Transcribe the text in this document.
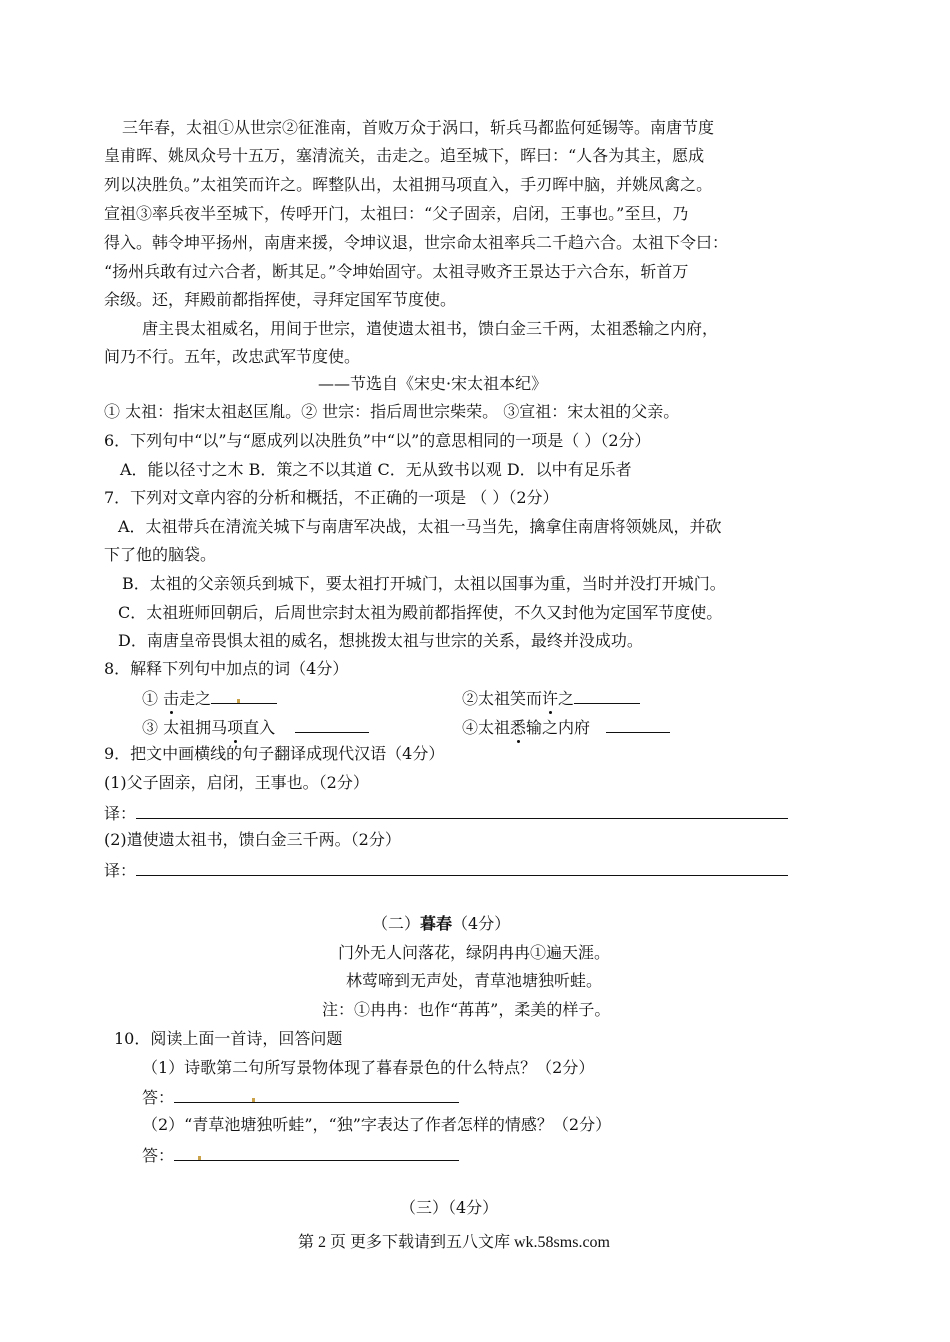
三年春，太祖①从世宗②征淮南，首败万众于涡口，斩兵马都监何延锡等。南唐节度
皇甫晖、姚凤众号十五万，塞清流关，击走之。追至城下，晖曰：“人各为其主，愿成
列以决胜负。”太祖笑而许之。晖整队出，太祖拥马项直入，手刃晖中脑，并姚凤禽之。
宣祖③率兵夜半至城下，传呼开门，太祖曰：“父子固亲，启闭，王事也。”至旦，乃
得入。韩令坤平扬州，南唐来援，令坤议退，世宗命太祖率兵二千趋六合。太祖下令曰：
“扬州兵敢有过六合者，断其足。”令坤始固守。太祖寻败齐王景达于六合东，斩首万
余级。还，拜殿前都指挥使，寻拜定国军节度使。
唐主畏太祖威名，用间于世宗，遣使遗太祖书，馈白金三千两，太祖悉输之内府，
间乃不行。五年，改忠武军节度使。
——节选自《宋史·宋太祖本纪》
① 太祖：指宋太祖赵匡胤。② 世宗：指后周世宗柴荣。 ③宣祖：宋太祖的父亲。
6．下列句中“以”与“愿成列以决胜负”中“以”的意思相同的一项是（ ）（2分）
A．能以径寸之木 B．策之不以其道 C．无从致书以观 D．以中有足乐者
7．下列对文章内容的分析和概括，不正确的一项是 （ ）（2分）
A．太祖带兵在清流关城下与南唐军决战，太祖一马当先，擒拿住南唐将领姚凤，并砍
下了他的脑袋。
B．太祖的父亲领兵到城下，要太祖打开城门，太祖以国事为重，当时并没打开城门。
C．太祖班师回朝后，后周世宗封太祖为殿前都指挥使，不久又封他为定国军节度使。
D．南唐皇帝畏惧太祖的威名，想挑拨太祖与世宗的关系，最终并没成功。
8．解释下列句中加点的词（4分）
① 击走之	②太祖笑而许之
③ 太祖拥马项直入	④太祖悉输之内府
9．把文中画横线的句子翻译成现代汉语（4分）
(1)父子固亲，启闭，王事也。（2分）
译：
(2)遣使遗太祖书，馈白金三千两。（2分）
译：
（二）暮春（4分）
门外无人问落花，绿阴冉冉①遍天涯。
林莺啼到无声处，青草池塘独听蛙。
注：①冉冉：也作“苒苒”，柔美的样子。
10．阅读上面一首诗，回答问题
（1）诗歌第二句所写景物体现了暮春景色的什么特点？（2分）
答：
（2）“青草池塘独听蛙”，“独”字表达了作者怎样的情感？（2分）
答：
（三）（4分）
第 2 页 更多下载请到五八文库 wk.58sms.com
